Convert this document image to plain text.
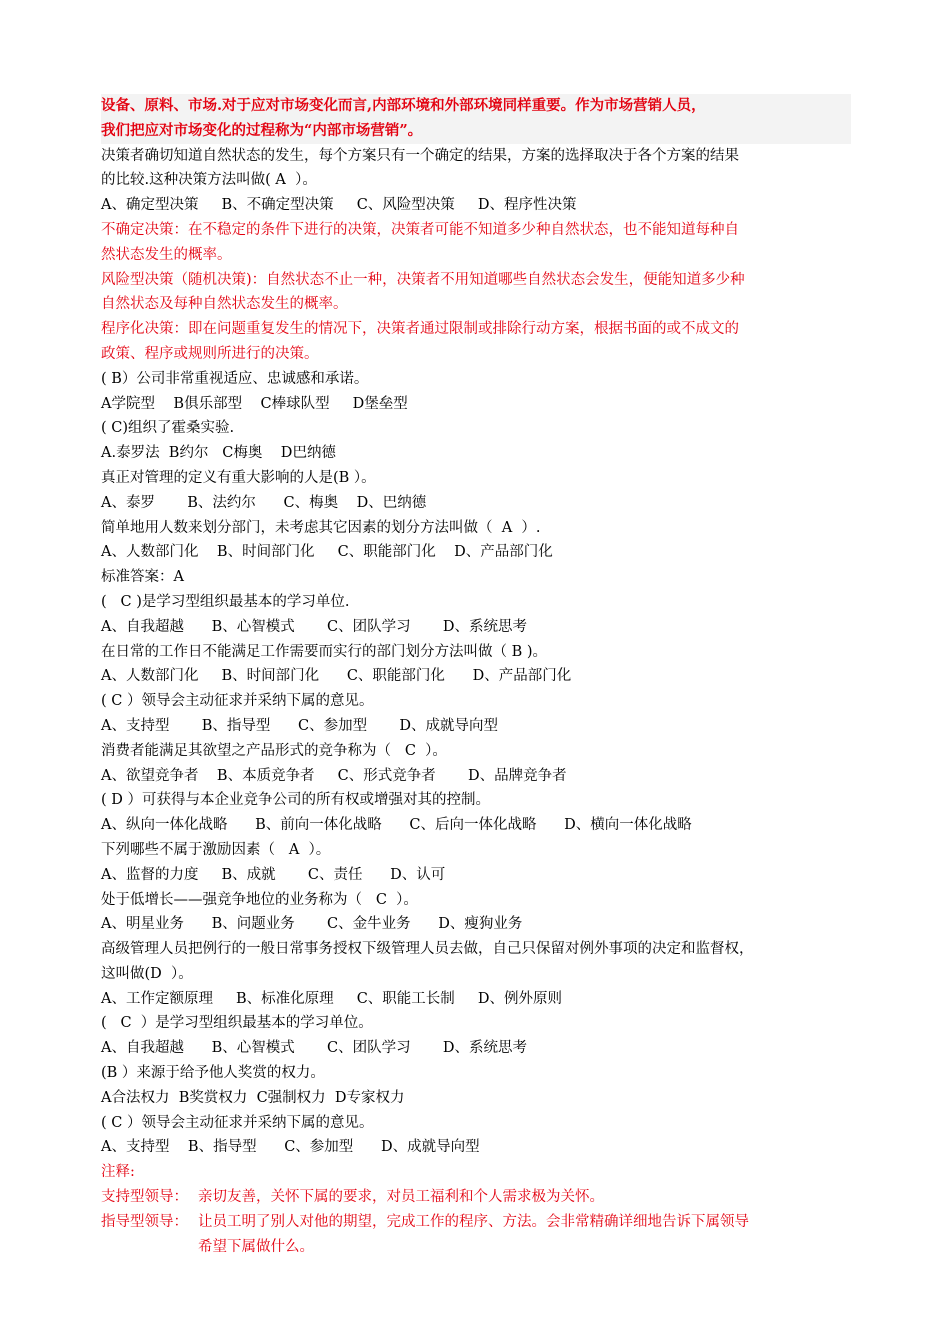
设备、原料、市场.对于应对市场变化而言,内部环境和外部环境同样重要。作为市场营销人员，

我们把应对市场变化的过程称为“内部市场营销”。

决策者确切知道自然状态的发生，每个方案只有一个确定的结果，方案的选择取决于各个方案的结果

的比较.这种决策方法叫做( A  ）。

A、确定型决策     B、不确定型决策     C、风险型决策     D、程序性决策

不确定决策：在不稳定的条件下进行的决策，决策者可能不知道多少种自然状态，也不能知道每种自

然状态发生的概率。

风险型决策（随机决策)：自然状态不止一种，决策者不用知道哪些自然状态会发生，便能知道多少种

自然状态及每种自然状态发生的概率。

程序化决策：即在问题重复发生的情况下，决策者通过限制或排除行动方案，根据书面的或不成文的

政策、程序或规则所进行的决策。

( B）公司非常重视适应、忠诚感和承诺。

A学院型    B俱乐部型    C棒球队型     D堡垒型

( C)组织了霍桑实验.

A.泰罗法  B约尔   C梅奥    D巴纳德

真正对管理的定义有重大影响的人是(B ）。

A、泰罗       B、法约尔      C、梅奥    D、巴纳德

简单地用人数来划分部门，未考虑其它因素的划分方法叫做（  A  ）.

A、人数部门化    B、时间部门化     C、职能部门化    D、产品部门化

标准答案：A

(   C )是学习型组织最基本的学习单位.

A、自我超越      B、心智模式       C、团队学习       D、系统思考

在日常的工作日不能满足工作需要而实行的部门划分方法叫做（ B )。

A、人数部门化     B、时间部门化      C、职能部门化      D、产品部门化

( C ）领导会主动征求并采纳下属的意见。

A、支持型       B、指导型      C、参加型       D、成就导向型

消费者能满足其欲望之产品形式的竞争称为（   C  ）。

A、欲望竞争者    B、本质竞争者     C、形式竞争者       D、品牌竞争者

( D ）可获得与本企业竞争公司的所有权或增强对其的控制。

A、纵向一体化战略      B、前向一体化战略      C、后向一体化战略      D、横向一体化战略

下列哪些不属于激励因素（   A  ）。

A、监督的力度     B、成就       C、责任      D、认可

处于低增长——强竞争地位的业务称为（   C  ）。

A、明星业务      B、问题业务       C、金牛业务      D、瘦狗业务

高级管理人员把例行的一般日常事务授权下级管理人员去做，自己只保留对例外事项的决定和监督权，

这叫做(D  ）。

A、工作定额原理     B、标准化原理     C、职能工长制     D、例外原则

(   C  ）是学习型组织最基本的学习单位。

A、自我超越      B、心智模式       C、团队学习       D、系统思考

(B ）来源于给予他人奖赏的权力。

A合法权力  B奖赏权力  C强制权力  D专家权力

( C ）领导会主动征求并采纳下属的意见。

A、支持型    B、指导型      C、参加型      D、成就导向型

注释:

支持型领导： 亲切友善，关怀下属的要求，对员工福利和个人需求极为关怀。
指导型领导： 让员工明了别人对他的期望，完成工作的程序、方法。会非常精确详细地告诉下属领导

希望下属做什么。
